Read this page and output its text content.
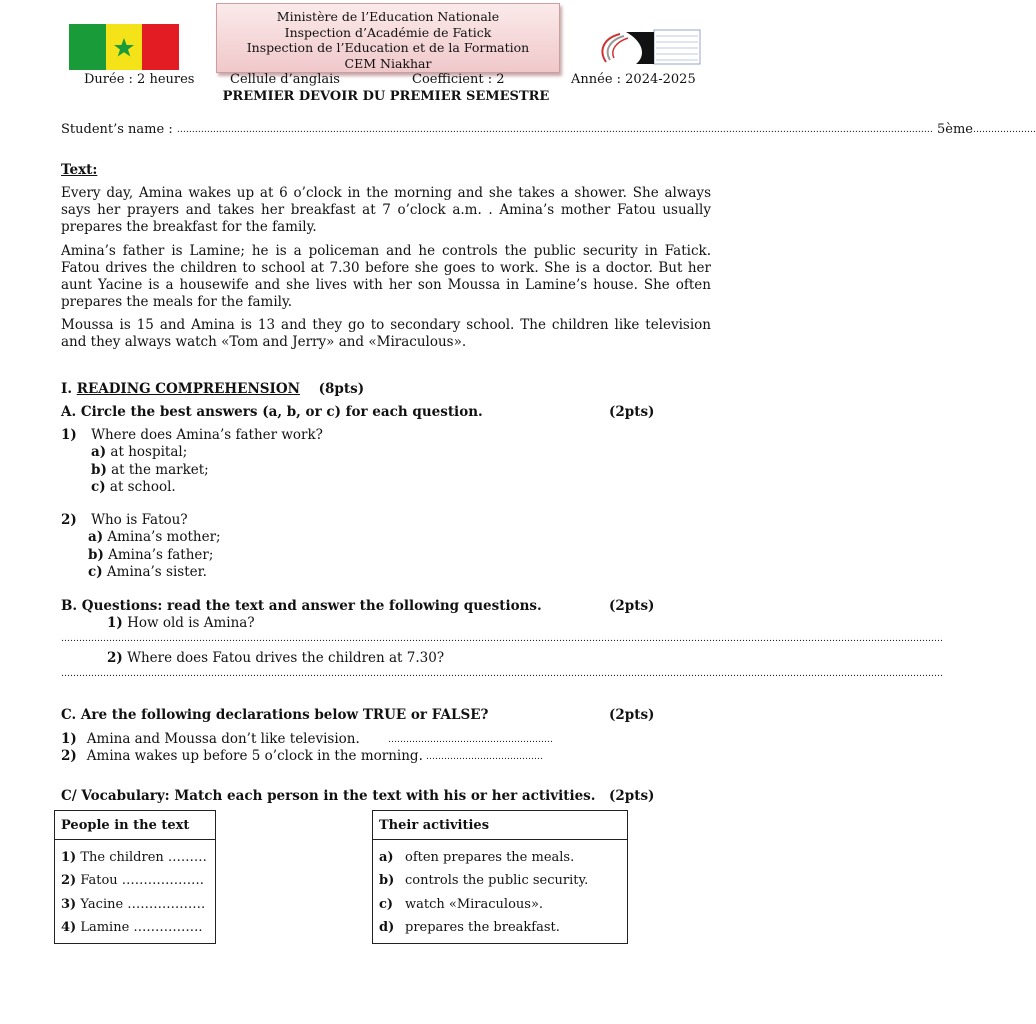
Ministère de l’Education Nationale
Inspection d’Académie de Fatick
Inspection de l’Education et de la Formation
CEM Niakhar
Durée : 2 heures	Cellule d’anglais	Coefficient : 2	Année : 2024-2025
PREMIER DEVOIR DU PREMIER SEMESTRE
Student’s name : ………………………………………………………………………………………………………………………………………………………………………………………………………………………………
5ème …………………
Text:
Every day, Amina wakes up at 6 o’clock in the morning and she takes a shower. She always says her prayers and takes her breakfast at 7 o’clock a.m. . Amina’s mother Fatou usually prepares the breakfast for the family.
Amina’s father is Lamine; he is a policeman and he controls the public security in Fatick. Fatou drives the children to school at 7.30 before she goes to work. She is a doctor. But her aunt Yacine is a housewife and she lives with her son Moussa in Lamine’s house. She often prepares the meals for the family.
Moussa is 15 and Amina is 13 and they go to secondary school. The children like television and they always watch «Tom and Jerry» and «Miraculous».
I. READING COMPREHENSION (8pts)
A. Circle the best answers (a, b, or c) for each question.	(2pts)
1) Where does Amina’s father work?
a) at hospital;
b) at the market;
c) at school.
2) Who is Fatou?
a) Amina’s mother;
b) Amina’s father;
c) Amina’s sister.
B. Questions: read the text and answer the following questions.	(2pts)
1) How old is Amina?
……………………………………………………………………………………………………………………………………………………………………………………………………………………………………………………………………
2) Where does Fatou drives the children at 7.30?
……………………………………………………………………………………………………………………………………………………………………………………………………………………………………………………………………
C. Are the following declarations below TRUE or FALSE?	(2pts)
1) Amina and Moussa don’t like television.	……………………………………………….
2) Amina wakes up before 5 o’clock in the morning. …………………………………
C/ Vocabulary: Match each person in the text with his or her activities. (2pts)
People in the text

1) The children ………
2) Fatou ……………….
3) Yacine ………………
4) Lamine …………….
Their activities

a) often prepares the meals.
b) controls the public security.
c) watch «Miraculous».
d) prepares the breakfast.
